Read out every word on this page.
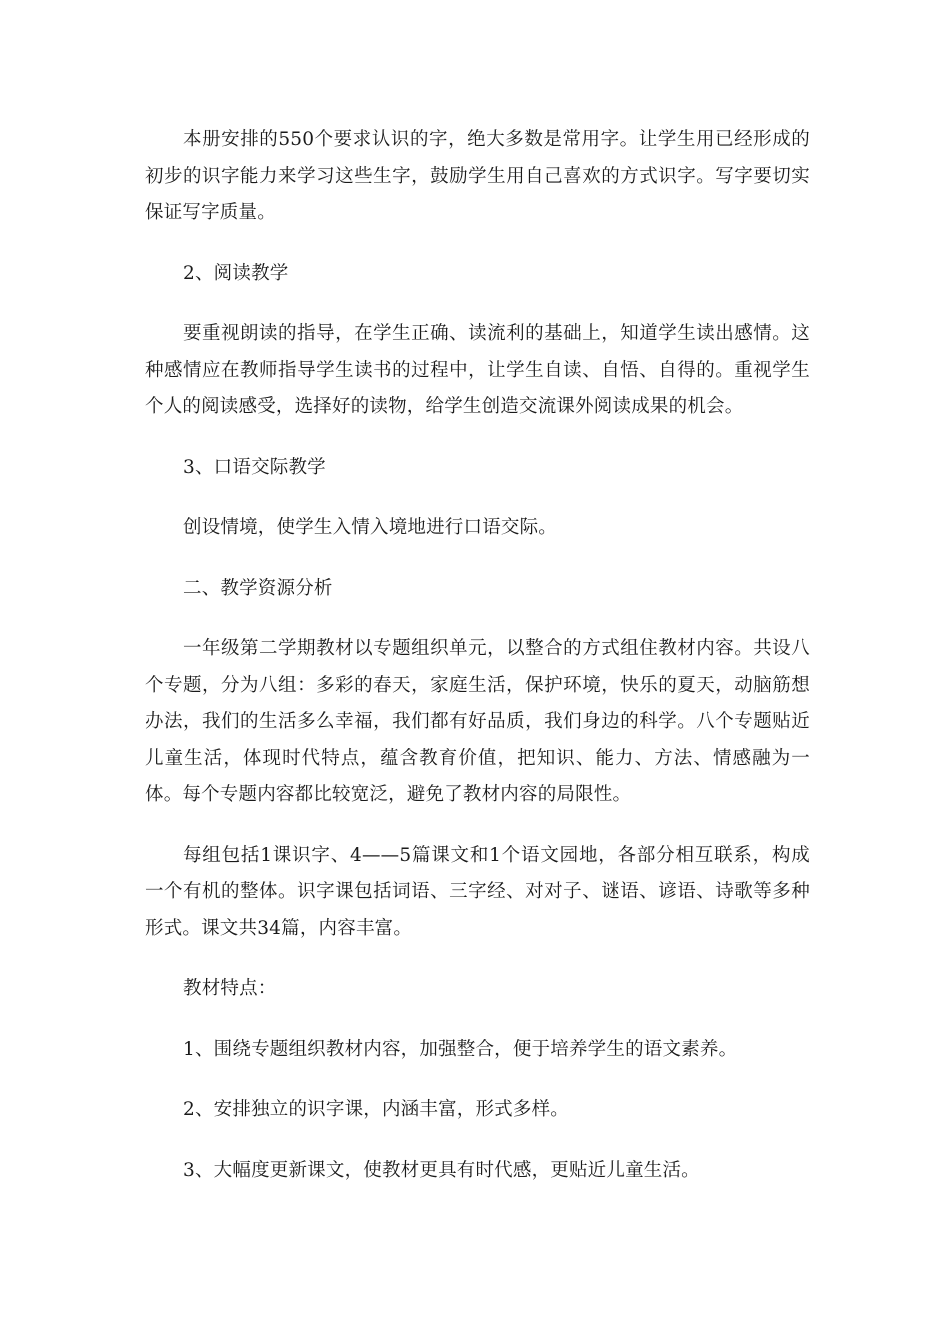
本册安排的550个要求认识的字，绝大多数是常用字。让学生用已经形成的初步的识字能力来学习这些生字，鼓励学生用自己喜欢的方式识字。写字要切实保证写字质量。

2、阅读教学

要重视朗读的指导，在学生正确、读流利的基础上，知道学生读出感情。这种感情应在教师指导学生读书的过程中，让学生自读、自悟、自得的。重视学生个人的阅读感受，选择好的读物，给学生创造交流课外阅读成果的机会。

3、口语交际教学

创设情境，使学生入情入境地进行口语交际。

二、教学资源分析

一年级第二学期教材以专题组织单元，以整合的方式组住教材内容。共设八个专题，分为八组：多彩的春天，家庭生活，保护环境，快乐的夏天，动脑筋想办法，我们的生活多么幸福，我们都有好品质，我们身边的科学。八个专题贴近儿童生活，体现时代特点，蕴含教育价值，把知识、能力、方法、情感融为一体。每个专题内容都比较宽泛，避免了教材内容的局限性。

每组包括1课识字、4——5篇课文和1个语文园地，各部分相互联系，构成一个有机的整体。识字课包括词语、三字经、对对子、谜语、谚语、诗歌等多种形式。课文共34篇，内容丰富。

教材特点：

1、围绕专题组织教材内容，加强整合，便于培养学生的语文素养。

2、安排独立的识字课，内涵丰富，形式多样。

3、大幅度更新课文，使教材更具有时代感，更贴近儿童生活。
